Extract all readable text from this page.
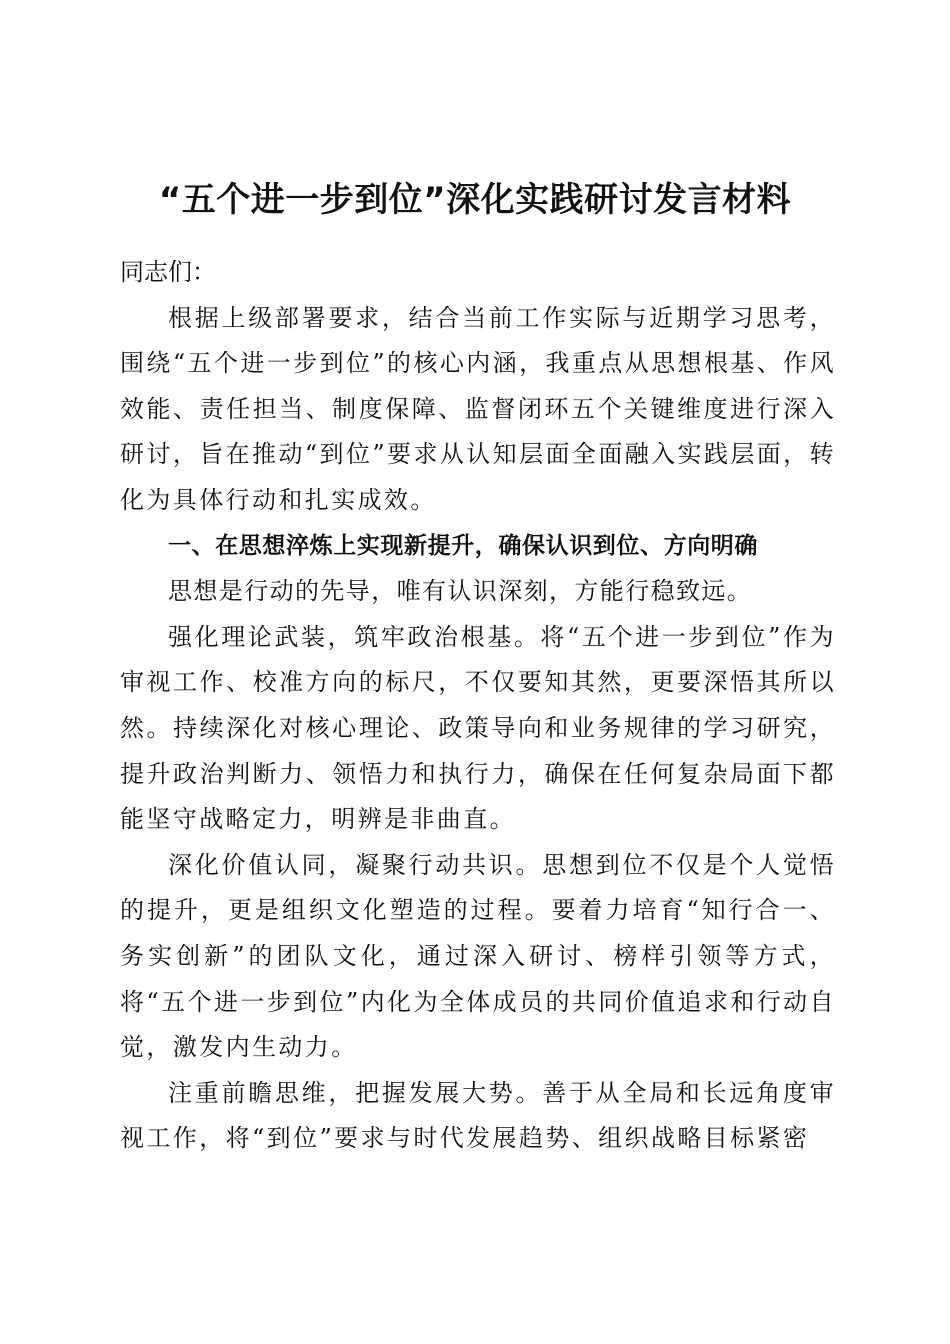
“五个进一步到位”深化实践研讨发言材料

同志们：

根据上级部署要求，结合当前工作实际与近期学习思考，围绕“五个进一步到位”的核心内涵，我重点从思想根基、作风效能、责任担当、制度保障、监督闭环五个关键维度进行深入研讨，旨在推动“到位”要求从认知层面全面融入实践层面，转化为具体行动和扎实成效。

一、在思想淬炼上实现新提升，确保认识到位、方向明确

思想是行动的先导，唯有认识深刻，方能行稳致远。

强化理论武装，筑牢政治根基。将“五个进一步到位”作为审视工作、校准方向的标尺，不仅要知其然，更要深悟其所以然。持续深化对核心理论、政策导向和业务规律的学习研究，提升政治判断力、领悟力和执行力，确保在任何复杂局面下都能坚守战略定力，明辨是非曲直。

深化价值认同，凝聚行动共识。思想到位不仅是个人觉悟的提升，更是组织文化塑造的过程。要着力培育“知行合一、务实创新”的团队文化，通过深入研讨、榜样引领等方式，将“五个进一步到位”内化为全体成员的共同价值追求和行动自觉，激发内生动力。

注重前瞻思维，把握发展大势。善于从全局和长远角度审视工作，将“到位”要求与时代发展趋势、组织战略目标紧密
